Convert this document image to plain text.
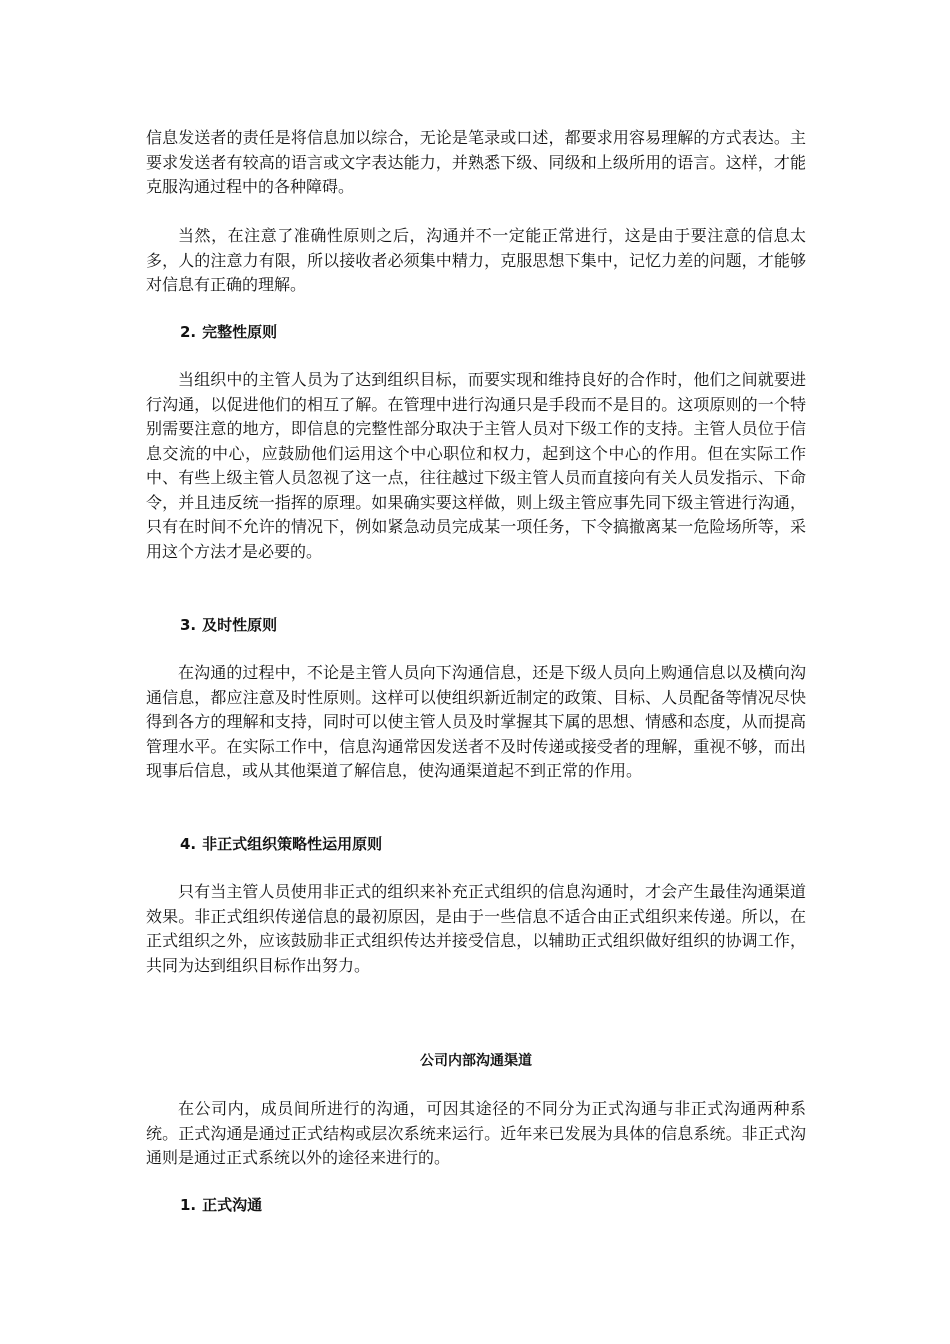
信息发送者的责任是将信息加以综合，无论是笔录或口述，都要求用容易理解的方式表达。主要求发送者有较高的语言或文字表达能力，并熟悉下级、同级和上级所用的语言。这样，才能克服沟通过程中的各种障碍。

当然，在注意了准确性原则之后，沟通并不一定能正常进行，这是由于要注意的信息太多，人的注意力有限，所以接收者必须集中精力，克服思想下集中，记忆力差的问题，才能够对信息有正确的理解。

2. 完整性原则

当组织中的主管人员为了达到组织目标，而要实现和维持良好的合作时，他们之间就要进行沟通，以促进他们的相互了解。在管理中进行沟通只是手段而不是目的。这项原则的一个特别需要注意的地方，即信息的完整性部分取决于主管人员对下级工作的支持。主管人员位于信息交流的中心，应鼓励他们运用这个中心职位和权力，起到这个中心的作用。但在实际工作中、有些上级主管人员忽视了这一点，往往越过下级主管人员而直接向有关人员发指示、下命令，并且违反统一指挥的原理。如果确实要这样做，则上级主管应事先同下级主管进行沟通，只有在时间不允许的情况下，例如紧急动员完成某一项任务，下令搞撤离某一危险场所等，采用这个方法才是必要的。

3. 及时性原则

在沟通的过程中，不论是主管人员向下沟通信息，还是下级人员向上购通信息以及横向沟通信息，都应注意及时性原则。这样可以使组织新近制定的政策、目标、人员配备等情况尽快得到各方的理解和支持，同时可以使主管人员及时掌握其下属的思想、情感和态度，从而提高管理水平。在实际工作中，信息沟通常因发送者不及时传递或接受者的理解，重视不够，而出现事后信息，或从其他渠道了解信息，使沟通渠道起不到正常的作用。

4. 非正式组织策略性运用原则

只有当主管人员使用非正式的组织来补充正式组织的信息沟通时，才会产生最佳沟通渠道效果。非正式组织传递信息的最初原因，是由于一些信息不适合由正式组织来传递。所以，在正式组织之外，应该鼓励非正式组织传达并接受信息，以辅助正式组织做好组织的协调工作，共同为达到组织目标作出努力。

公司内部沟通渠道

在公司内，成员间所进行的沟通，可因其途径的不同分为正式沟通与非正式沟通两种系统。正式沟通是通过正式结构或层次系统来运行。近年来已发展为具体的信息系统。非正式沟通则是通过正式系统以外的途径来进行的。

1. 正式沟通
